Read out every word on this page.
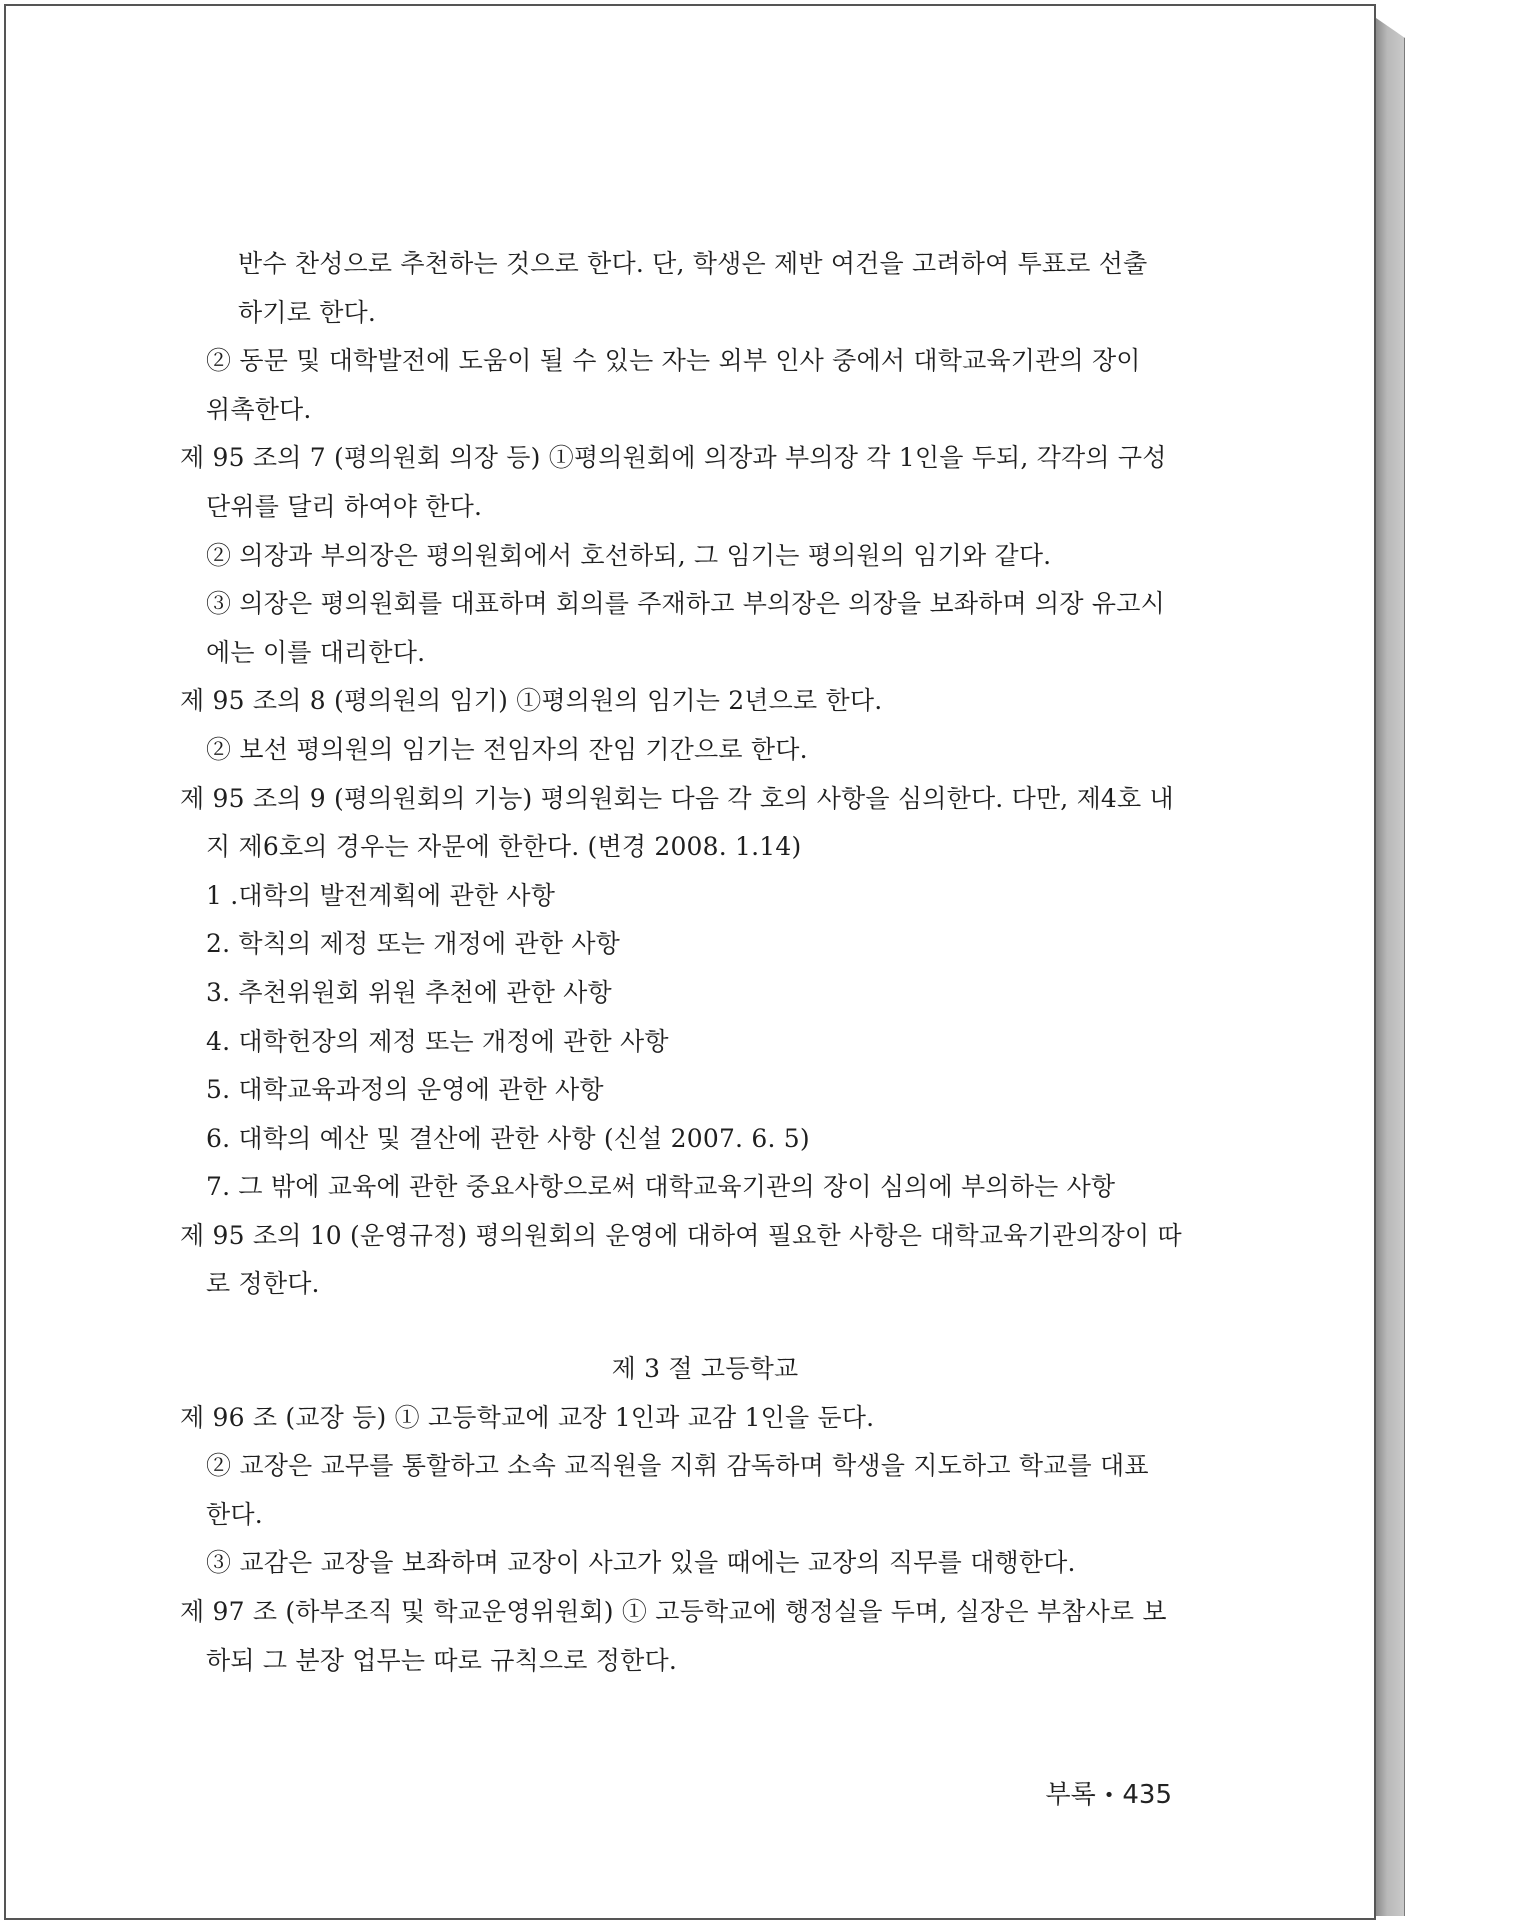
반수 찬성으로 추천하는 것으로 한다. 단, 학생은 제반 여건을 고려하여 투표로 선출
하기로 한다.
② 동문 및 대학발전에 도움이 될 수 있는 자는 외부 인사 중에서 대학교육기관의 장이
위촉한다.
제 95 조의 7 (평의원회 의장 등) ①평의원회에 의장과 부의장 각 1인을 두되, 각각의 구성
단위를 달리 하여야 한다.
② 의장과 부의장은 평의원회에서 호선하되, 그 임기는 평의원의 임기와 같다.
③ 의장은 평의원회를 대표하며 회의를 주재하고 부의장은 의장을 보좌하며 의장 유고시
에는 이를 대리한다.
제 95 조의 8 (평의원의 임기) ①평의원의 임기는 2년으로 한다.
② 보선 평의원의 임기는 전임자의 잔임 기간으로 한다.
제 95 조의 9 (평의원회의 기능) 평의원회는 다음 각 호의 사항을 심의한다. 다만, 제4호 내
지 제6호의 경우는 자문에 한한다. (변경 2008. 1.14)
1 .대학의 발전계획에 관한 사항
2. 학칙의 제정 또는 개정에 관한 사항
3. 추천위원회 위원 추천에 관한 사항
4. 대학헌장의 제정 또는 개정에 관한 사항
5. 대학교육과정의 운영에 관한 사항
6. 대학의 예산 및 결산에 관한 사항 (신설 2007. 6. 5)
7. 그 밖에 교육에 관한 중요사항으로써 대학교육기관의 장이 심의에 부의하는 사항
제 95 조의 10 (운영규정) 평의원회의 운영에 대하여 필요한 사항은 대학교육기관의장이 따
로 정한다.
제 3 절 고등학교
제 96 조 (교장 등) ① 고등학교에 교장 1인과 교감 1인을 둔다.
② 교장은 교무를 통할하고 소속 교직원을 지휘 감독하며 학생을 지도하고 학교를 대표
한다.
③ 교감은 교장을 보좌하며 교장이 사고가 있을 때에는 교장의 직무를 대행한다.
제 97 조 (하부조직 및 학교운영위원회) ① 고등학교에 행정실을 두며, 실장은 부참사로 보
하되 그 분장 업무는 따로 규칙으로 정한다.
부록 • 435
